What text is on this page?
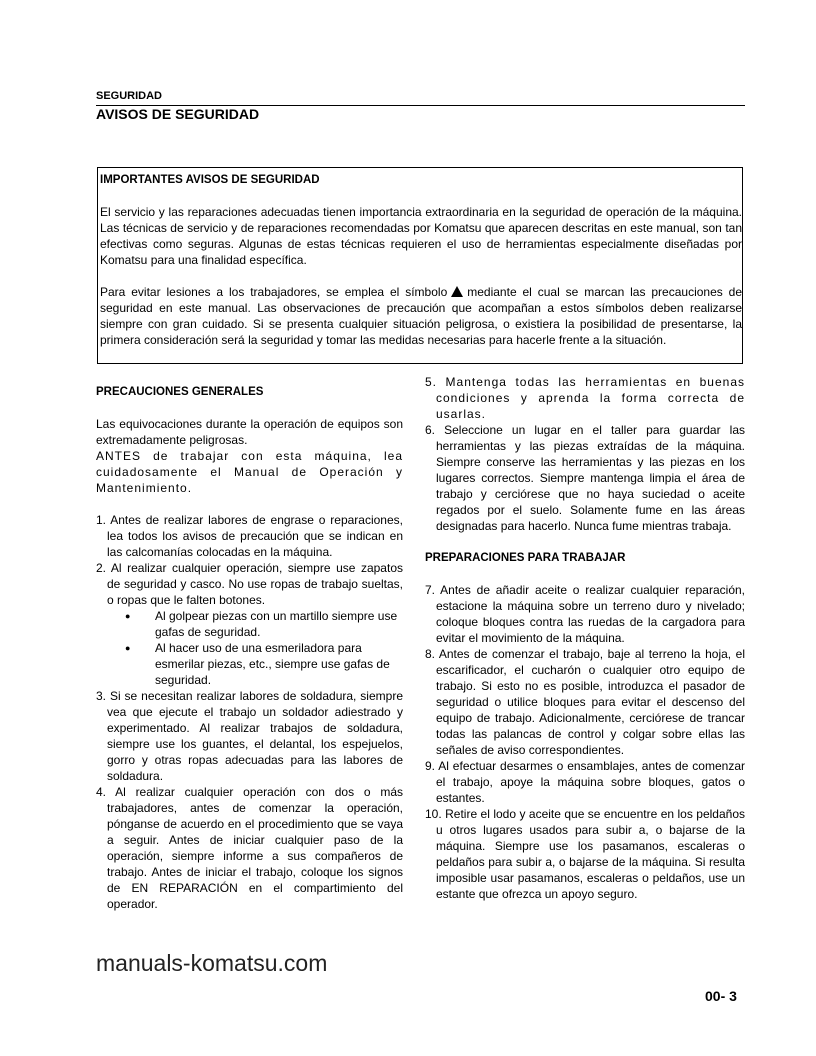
SEGURIDAD
AVISOS DE SEGURIDAD
IMPORTANTES AVISOS DE SEGURIDAD

El servicio y las reparaciones adecuadas tienen importancia extraordinaria en la seguridad de operación de la máquina. Las técnicas de servicio y de reparaciones recomendadas por Komatsu que aparecen descritas en este manual, son tan efectivas como seguras. Algunas de estas técnicas requieren el uso de herramientas especialmente diseñadas por Komatsu para una finalidad específica.

Para evitar lesiones a los trabajadores, se emplea el símbolo mediante el cual se marcan las precauciones de seguridad en este manual. Las observaciones de precaución que acompañan a estos símbolos deben realizarse siempre con gran cuidado. Si se presenta cualquier situación peligrosa, o existiera la posibilidad de presentarse, la primera consideración será la seguridad y tomar las medidas necesarias para hacerle frente a la situación.

PRECAUCIONES GENERALES

Las equivocaciones durante la operación de equipos son extremadamente peligrosas.

ANTES de trabajar con esta máquina, lea cuidadosamente el Manual de Operación y Mantenimiento.

1. Antes de realizar labores de engrase o reparaciones, lea todos los avisos de precaución que se indican en las calcomanías colocadas en la máquina.
2. Al realizar cualquier operación, siempre use zapatos de seguridad y casco. No use ropas de trabajo sueltas, o ropas que le falten botones.
● Al golpear piezas con un martillo siempre use gafas de seguridad.
● Al hacer uso de una esmeriladora para esmerilar piezas, etc., siempre use gafas de seguridad.
3. Si se necesitan realizar labores de soldadura, siempre vea que ejecute el trabajo un soldador adiestrado y experimentado. Al realizar trabajos de soldadura, siempre use los guantes, el delantal, los espejuelos, gorro y otras ropas adecuadas para las labores de soldadura.
4. Al realizar cualquier operación con dos o más trabajadores, antes de comenzar la operación, pónganse de acuerdo en el procedimiento que se vaya a seguir. Antes de iniciar cualquier paso de la operación, siempre informe a sus compañeros de trabajo. Antes de iniciar el trabajo, coloque los signos de EN REPARACIÓN en el compartimiento del operador.
5. Mantenga todas las herramientas en buenas condiciones y aprenda la forma correcta de usarlas.
6. Seleccione un lugar en el taller para guardar las herramientas y las piezas extraídas de la máquina. Siempre conserve las herramientas y las piezas en los lugares correctos. Siempre mantenga limpia el área de trabajo y cerciórese que no haya suciedad o aceite regados por el suelo. Solamente fume en las áreas designadas para hacerlo. Nunca fume mientras trabaja.
PREPARACIONES PARA TRABAJAR
7. Antes de añadir aceite o realizar cualquier reparación, estacione la máquina sobre un terreno duro y nivelado; coloque bloques contra las ruedas de la cargadora para evitar el movimiento de la máquina.
8. Antes de comenzar el trabajo, baje al terreno la hoja, el escarificador, el cucharón o cualquier otro equipo de trabajo. Si esto no es posible, introduzca el pasador de seguridad o utilice bloques para evitar el descenso del equipo de trabajo. Adicionalmente, cerciórese de trancar todas las palancas de control y colgar sobre ellas las señales de aviso correspondientes.
9. Al efectuar desarmes o ensamblajes, antes de comenzar el trabajo, apoye la máquina sobre bloques, gatos o estantes.
10. Retire el lodo y aceite que se encuentre en los peldaños u otros lugares usados para subir a, o bajarse de la máquina. Siempre use los pasamanos, escaleras o peldaños para subir a, o bajarse de la máquina. Si resulta imposible usar pasamanos, escaleras o peldaños, use un estante que ofrezca un apoyo seguro.
manuals-komatsu.com
00- 3
